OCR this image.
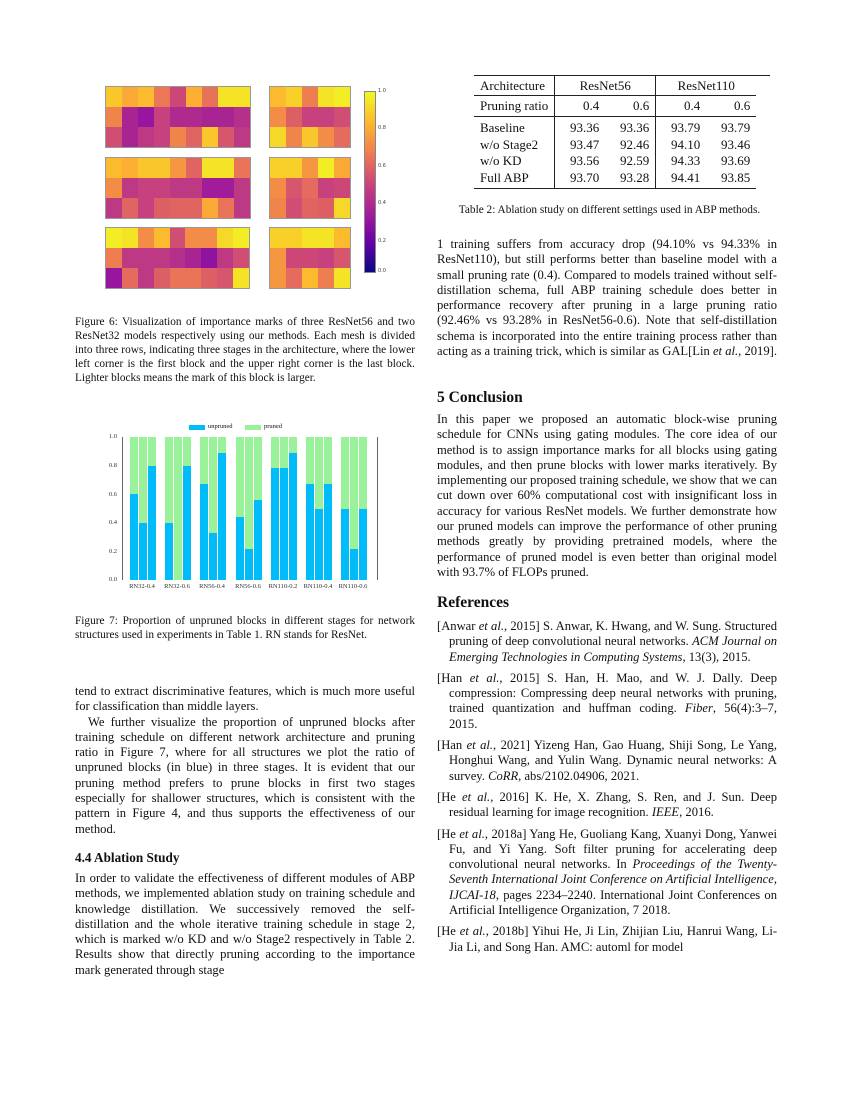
1.0
0.8
0.6
0.4
0.2
0.0
Figure 6: Visualization of importance marks of three ResNet56 and two ResNet32 models respectively using our methods. Each mesh is divided into three rows, indicating three stages in the architecture, where the lower left corner is the first block and the upper right corner is the last block. Lighter blocks means the mark of this block is larger.
unpruned	pruned
0.0
0.2
0.4
0.6
0.8
1.0
RN32-0.4	RN32-0.6	RN56-0.4	RN56-0.6	RN110-0.2 RN110-0.4 RN110-0.6
Figure 7: Proportion of unpruned blocks in different stages for network structures used in experiments in Table 1. RN stands for ResNet.

tend to extract discriminative features, which is much more useful for classification than middle layers.

We further visualize the proportion of unpruned blocks after training schedule on different network architecture and pruning ratio in Figure 7, where for all structures we plot the ratio of unpruned blocks (in blue) in three stages. It is evident that our pruning method prefers to prune blocks in first two stages especially for shallower structures, which is consistent with the pattern in Figure 4, and thus supports the effectiveness of our method.

4.4 Ablation Study

In order to validate the effectiveness of different modules of ABP methods, we implemented ablation study on training schedule and knowledge distillation. We successively removed the self-distillation and the whole iterative training schedule in stage 2, which is marked w/o KD and w/o Stage2 respectively in Table 2. Results show that directly pruning according to the importance mark generated through stage

Architecture	ResNet56		ResNet110	
Pruning ratio	0.4	0.6	0.4	0.6
Baseline	93.36	93.36	93.79	93.79
w/o Stage2	93.47	92.46	94.10	93.46
w/o KD	93.56	92.59	94.33	93.69
Full ABP	93.70	93.28	94.41	93.85
Table 2: Ablation study on different settings used in ABP methods.

1 training suffers from accuracy drop (94.10% vs 94.33% in ResNet110), but still performs better than baseline model with a small pruning rate (0.4). Compared to models trained without self-distillation schema, full ABP training schedule does better in performance recovery after pruning in a large pruning ratio (92.46% vs 93.28% in ResNet56-0.6). Note that self-distillation schema is incorporated into the entire training process rather than acting as a training trick, which is similar as GAL[Lin et al., 2019].

5 Conclusion

In this paper we proposed an automatic block-wise pruning schedule for CNNs using gating modules. The core idea of our method is to assign importance marks for all blocks using gating modules, and then prune blocks with lower marks iteratively. By implementing our proposed training schedule, we show that we can cut down over 60% computational cost with insignificant loss in accuracy for various ResNet models. We further demonstrate how our pruned models can improve the performance of other pruning methods greatly by providing pretrained models, where the performance of pruned model is even better than original model with 93.7% of FLOPs pruned.

References
[Anwar et al., 2015] S. Anwar, K. Hwang, and W. Sung. Structured pruning of deep convolutional neural networks. ACM Journal on Emerging Technologies in Computing Systems, 13(3), 2015.
[Han et al., 2015] S. Han, H. Mao, and W. J. Dally. Deep compression: Compressing deep neural networks with pruning, trained quantization and huffman coding. Fiber, 56(4):3–7, 2015.
[Han et al., 2021] Yizeng Han, Gao Huang, Shiji Song, Le Yang, Honghui Wang, and Yulin Wang. Dynamic neural networks: A survey. CoRR, abs/2102.04906, 2021.
[He et al., 2016] K. He, X. Zhang, S. Ren, and J. Sun. Deep residual learning for image recognition. IEEE, 2016.
[He et al., 2018a] Yang He, Guoliang Kang, Xuanyi Dong, Yanwei Fu, and Yi Yang. Soft filter pruning for accelerating deep convolutional neural networks. In Proceedings of the Twenty-Seventh International Joint Conference on Artificial Intelligence, IJCAI-18, pages 2234–2240. International Joint Conferences on Artificial Intelligence Organization, 7 2018.
[He et al., 2018b] Yihui He, Ji Lin, Zhijian Liu, Hanrui Wang, Li-Jia Li, and Song Han. AMC: automl for model
